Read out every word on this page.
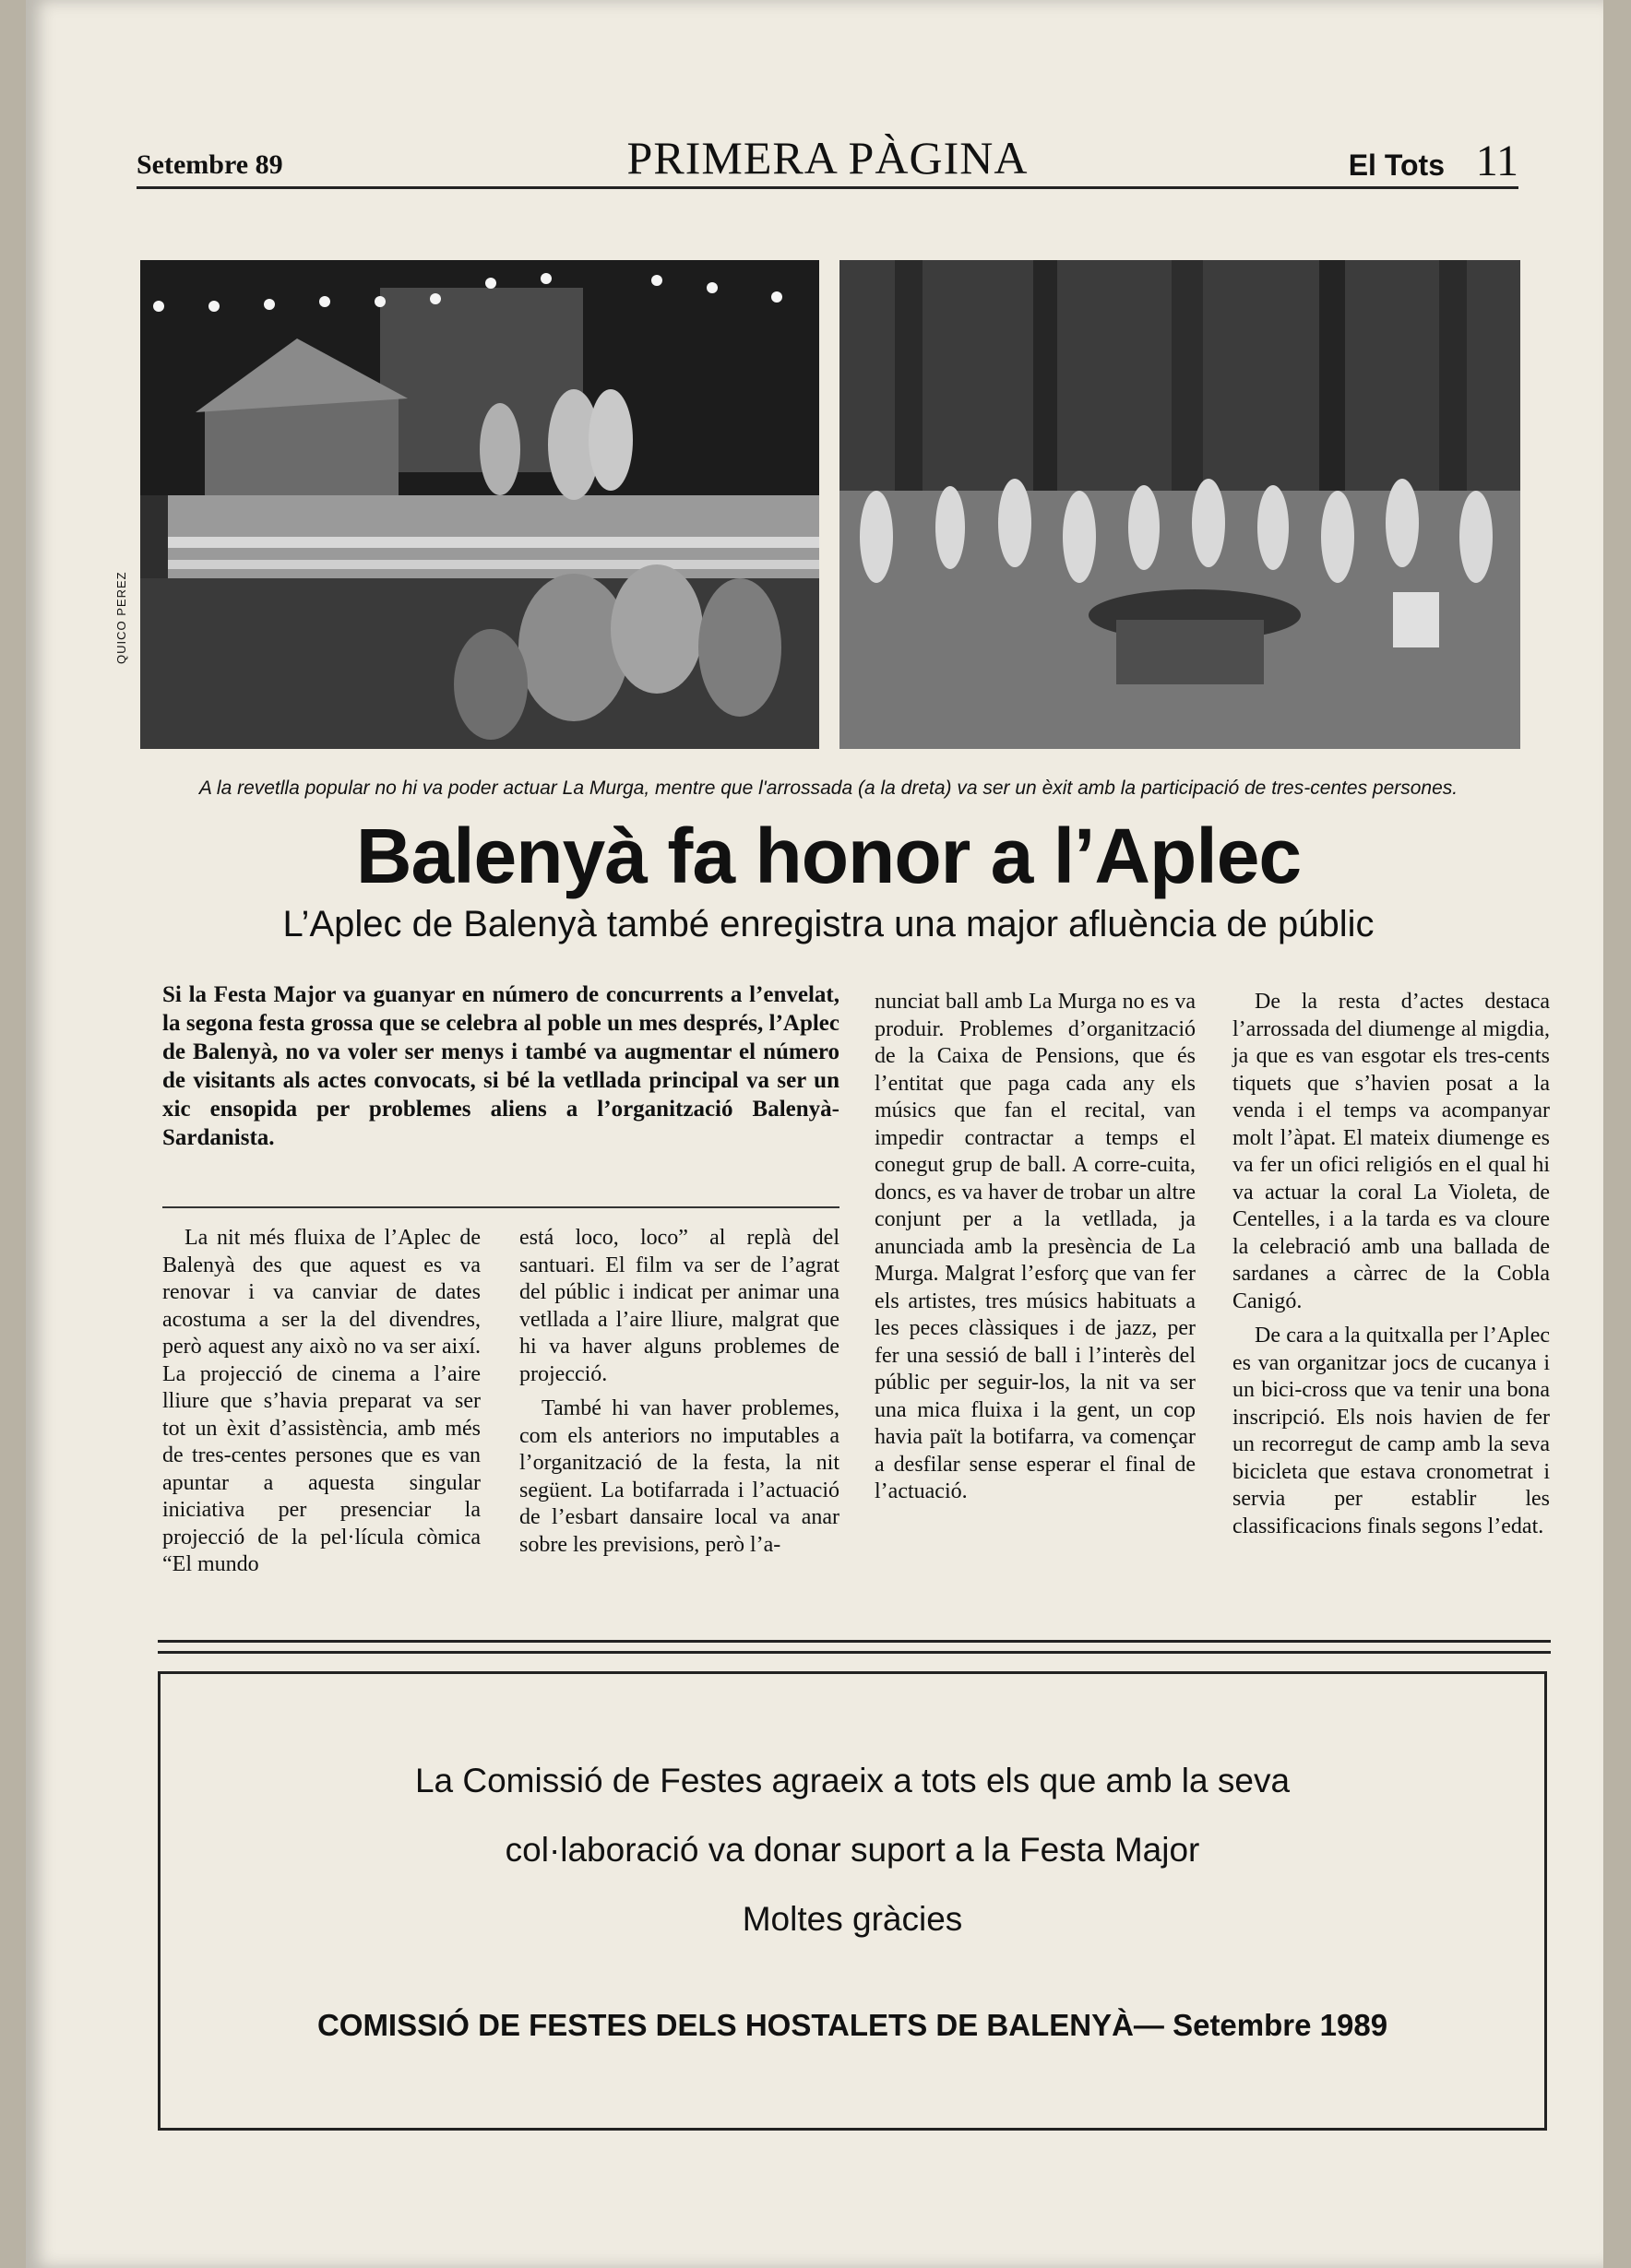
Setembre 89	PRIMERA PÀGINA	El Tots 11
QUICO PEREZ
A la revetlla popular no hi va poder actuar La Murga, mentre que l'arrossada (a la dreta) va ser un èxit amb la participació de tres-centes persones.
Balenyà fa honor a l’Aplec
L’Aplec de Balenyà també enregistra una major afluència de públic

Si la Festa Major va guanyar en número de concurrents a l’envelat, la segona festa grossa que se celebra al poble un mes després, l’Aplec de Balenyà, no va voler ser menys i també va augmentar el número de visitants als actes convocats, si bé la vetllada principal va ser un xic ensopida per problemes aliens a l’organització Balenyà-Sardanista.

La nit més fluixa de l’Aplec de Balenyà des que aquest es va renovar i va canviar de dates acostuma a ser la del divendres, però aquest any això no va ser així. La projecció de cinema a l’aire lliure que s’havia preparat va ser tot un èxit d’assistència, amb més de tres-centes persones que es van apuntar a aquesta singular iniciativa per presenciar la projecció de la pel·lícula còmica “El mundo

está loco, loco” al replà del santuari. El film va ser de l’agrat del públic i indicat per animar una vetllada a l’aire lliure, malgrat que hi va haver alguns problemes de projecció.

També hi van haver problemes, com els anteriors no imputables a l’organització de la festa, la nit següent. La botifarrada i l’actuació de l’esbart dansaire local va anar sobre les previsions, però l’a-

nunciat ball amb La Murga no es va produir. Problemes d’organització de la Caixa de Pensions, que és l’entitat que paga cada any els músics que fan el recital, van impedir contractar a temps el conegut grup de ball. A corre-cuita, doncs, es va haver de trobar un altre conjunt per a la vetllada, ja anunciada amb la presència de La Murga. Malgrat l’esforç que van fer els artistes, tres músics habituats a les peces clàssiques i de jazz, per fer una sessió de ball i l’interès del públic per seguir-los, la nit va ser una mica fluixa i la gent, un cop havia paït la botifarra, va començar a desfilar sense esperar el final de l’actuació.

De la resta d’actes destaca l’arrossada del diumenge al migdia, ja que es van esgotar els tres-cents tiquets que s’havien posat a la venda i el temps va acompanyar molt l’àpat. El mateix diumenge es va fer un ofici religiós en el qual hi va actuar la coral La Violeta, de Centelles, i a la tarda es va cloure la celebració amb una ballada de sardanes a càrrec de la Cobla Canigó.

De cara a la quitxalla per l’Aplec es van organitzar jocs de cucanya i un bici-cross que va tenir una bona inscripció. Els nois havien de fer un recorregut de camp amb la seva bicicleta que estava cronometrat i servia per establir les classificacions finals segons l’edat.

La Comissió de Festes agraeix a tots els que amb la seva
col·laboració va donar suport a la Festa Major
Moltes gràcies
COMISSIÓ DE FESTES DELS HOSTALETS DE BALENYÀ— Setembre 1989
